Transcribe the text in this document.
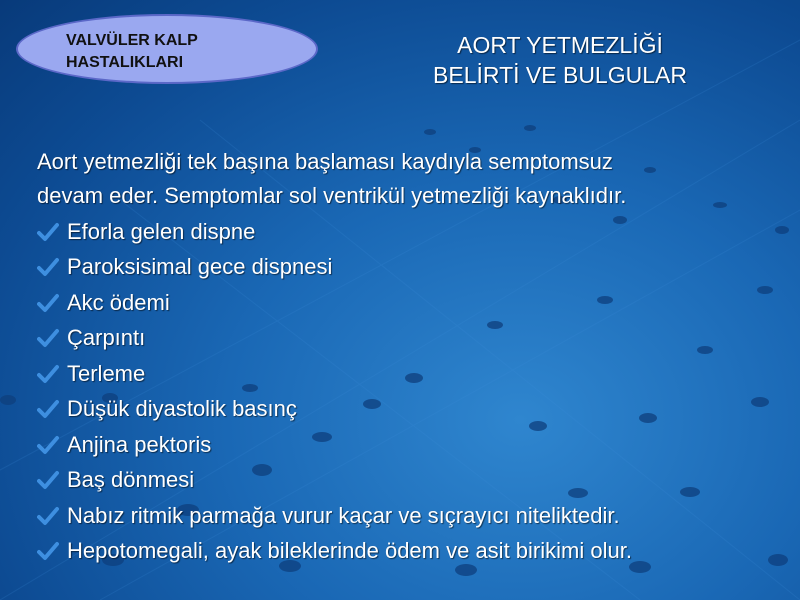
VALVÜLER KALP
HASTALIKLARI
AORT YETMEZLİĞİ
BELİRTİ VE BULGULAR
Aort yetmezliği tek başına başlaması kaydıyla semptomsuz
devam eder. Semptomlar sol ventrikül yetmezliği kaynaklıdır.
Eforla gelen dispne
Paroksisimal gece dispnesi
Akc ödemi
Çarpıntı
Terleme
Düşük diyastolik basınç
Anjina pektoris
Baş dönmesi
Nabız ritmik parmağa vurur kaçar ve sıçrayıcı niteliktedir.
Hepotomegali, ayak bileklerinde ödem ve asit birikimi olur.
